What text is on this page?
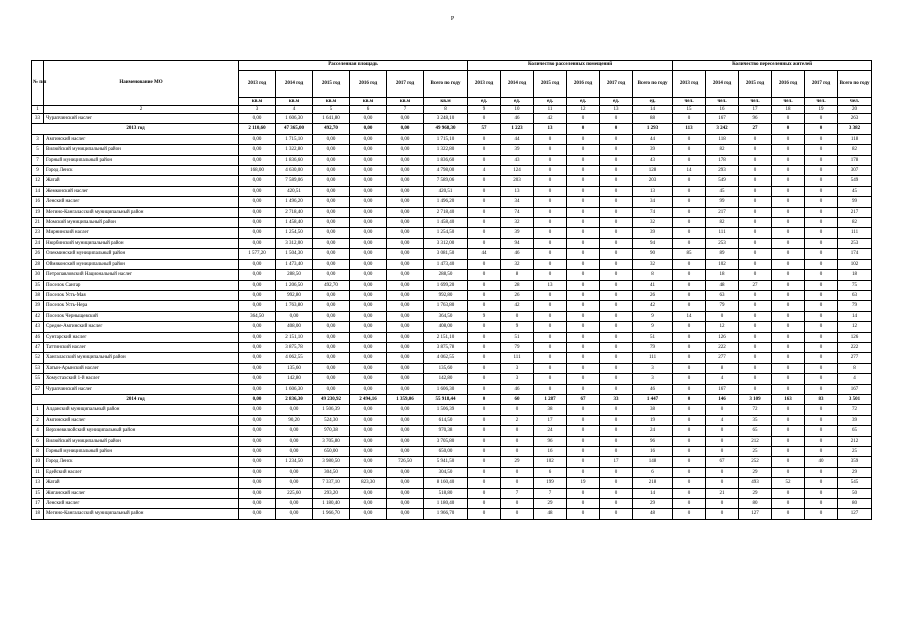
P
№ п/п	Наименование МО	Расселенная площадь						Количество расселенных помещений						Количество переселенных жителей					
		2013 год	2014 год	2015 год	2016 год	2017 год	Всего по году	2013 год	2014 год	2015 год	2016 год	2017 год	Всего по году	2013 год	2014 год	2015 год	2016 год	2017 год	Всего по году
		кв.м	кв.м	кв.м	кв.м	кв.м	кв.м	ед.	ед.	ед.	ед.	ед.	ед.	чел.	чел.	чел.	чел.	чел.	чел.
1	2	3	4	5	6	7	8	9	10	11	12	13	14	15	16	17	18	19	20
33	Чурапчинский наслег	0,00	1 606,30	1 641,80	0,00	0,00	3 248,10	0	46	42	0	0	88	0	167	96	0	0	263
2013 год		2 110,60	47 365,00	492,70	0,00	0,00	49 968,30	57	1 223	13	0	0	1 293	113	3 242	27	0	0	3 382
3	Амгинский наслег	0,00	1 715,10	0,00	0,00	0,00	1 715,10	0	44	0	0	0	44	0	118	0	0	0	118
5	Вилюйский муниципальный район	0,00	1 322,80	0,00	0,00	0,00	1 322,80	0	39	0	0	0	39	0	82	0	0	0	82
7	Горный муниципальный район	0,00	1 836,60	0,00	0,00	0,00	1 836,60	0	43	0	0	0	43	0	178	0	0	0	178
9	Город Ленск	168,00	4 630,00	0,00	0,00	0,00	4 798,00	4	124	0	0	0	128	14	293	0	0	0	307
12	Жатай	0,00	7 589,06	0,00	0,00	0,00	7 589,06	0	203	0	0	0	203	0	549	0	0	0	549
14	Жемконский наслег	0,00	420,51	0,00	0,00	0,00	420,51	0	13	0	0	0	13	0	45	0	0	0	45
16	Ленский наслег	0,00	1 496,20	0,00	0,00	0,00	1 496,20	0	34	0	0	0	34	0	99	0	0	0	99
19	Мегино-Кангаласский муниципальный район	0,00	2 718,40	0,00	0,00	0,00	2 718,40	0	74	0	0	0	74	0	217	0	0	0	217
21	Момский муниципальный район	0,00	1 458,40	0,00	0,00	0,00	1 458,40	0	32	0	0	0	32	0	82	0	0	0	82
23	Мирнинский наслег	0,00	1 254,50	0,00	0,00	0,00	1 254,50	0	39	0	0	0	39	0	111	0	0	0	111
24	Нюрбинский муниципальный район	0,00	3 312,00	0,00	0,00	0,00	3 312,00	0	94	0	0	0	94	0	253	0	0	0	253
26	Олекминский муниципальный район	1 577,20	1 504,30	0,00	0,00	0,00	3 081,50	44	46	0	0	0	90	85	89	0	0	0	174
28	Оймяконский муниципальный район	0,00	1 473,40	0,00	0,00	0,00	1 473,40	0	32	0	0	0	32	0	102	0	0	0	102
30	Петропавловский Национальный наслег	0,00	288,50	0,00	0,00	0,00	288,50	0	8	0	0	0	8	0	18	0	0	0	18
35	Поселок Сангар	0,00	1 206,50	492,70	0,00	0,00	1 699,20	0	28	13	0	0	41	0	48	27	0	0	75
38	Поселок Усть-Мая	0,00	992,80	0,00	0,00	0,00	992,80	0	26	0	0	0	26	0	63	0	0	0	63
39	Поселок Усть-Нера	0,00	1 763,80	0,00	0,00	0,00	1 763,80	0	42	0	0	0	42	0	79	0	0	0	79
42	Поселок Черныщевский	364,50	0,00	0,00	0,00	0,00	364,50	9	0	0	0	0	9	14	0	0	0	0	14
43	Средне-Амгинский наслег	0,00	408,00	0,00	0,00	0,00	408,00	0	9	0	0	0	9	0	12	0	0	0	12
46	Сунтарский наслег	0,00	2 151,10	0,00	0,00	0,00	2 151,10	0	51	0	0	0	51	0	126	0	0	0	126
47	Таттинский наслег	0,00	3 875,78	0,00	0,00	0,00	3 875,78	0	79	0	0	0	79	0	222	0	0	0	222
52	Хангаласский муниципальный район	0,00	4 062,55	0,00	0,00	0,00	4 062,55	0	111	0	0	0	111	0	277	0	0	0	277
53	Хатын-Арынский наслег	0,00	135,60	0,00	0,00	0,00	135,60	0	3	0	0	0	3	0	8	0	0	0	8
55	Хомустахский 1-й наслег	0,00	142,80	0,00	0,00	0,00	142,80	0	3	0	0	0	3	0	4	0	0	0	4
57	Чурапчинский наслег	0,00	1 606,30	0,00	0,00	0,00	1 606,30	0	46	0	0	0	46	0	167	0	0	0	167
2014 год		0,00	2 836,30	49 230,92	2 494,16	1 359,06	55 918,44	0	60	1 287	67	33	1 447	0	146	3 109	163	83	3 501
1	Алданский муниципальный район	0,00	0,00	1 506,39	0,00	0,00	1 506,39	0	0	38	0	0	38	0	0	72	0	0	72
2	Амгинский наслег	0,00	90,20	524,30	0,00	0,00	614,50	0	2	17	0	0	19	0	4	35	0	0	39
4	Верхневилюйский муниципальный район	0,00	0,00	970,38	0,00	0,00	970,38	0	0	24	0	0	24	0	0	65	0	0	65
6	Вилюйский муниципальный район	0,00	0,00	3 705,80	0,00	0,00	3 705,80	0	0	96	0	0	96	0	0	212	0	0	212
8	Горный муниципальный район	0,00	0,00	650,00	0,00	0,00	650,00	0	0	16	0	0	16	0	0	25	0	0	25
10	Город Ленск	0,00	1 234,50	3 980,50	0,00	726,50	5 941,50	0	29	102	0	17	148	0	67	252	0	40	359
11	Едейский наслег	0,00	0,00	304,50	0,00	0,00	304,50	0	0	6	0	0	6	0	0	29	0	0	29
13	Жатай	0,00	0,00	7 337,10	823,30	0,00	8 160,40	0	0	199	19	0	218	0	0	493	52	0	545
15	Жиганский наслег	0,00	225,60	293,20	0,00	0,00	518,80	0	7	7	0	0	14	0	21	29	0	0	50
17	Ленский наслег	0,00	0,00	1 180,40	0,00	0,00	1 180,40	0	0	29	0	0	29	0	0	80	0	0	80
18	Мегино-Кангаласский муниципальный район	0,00	0,00	1 966,70	0,00	0,00	1 966,70	0	0	48	0	0	48	0	0	127	0	0	127
